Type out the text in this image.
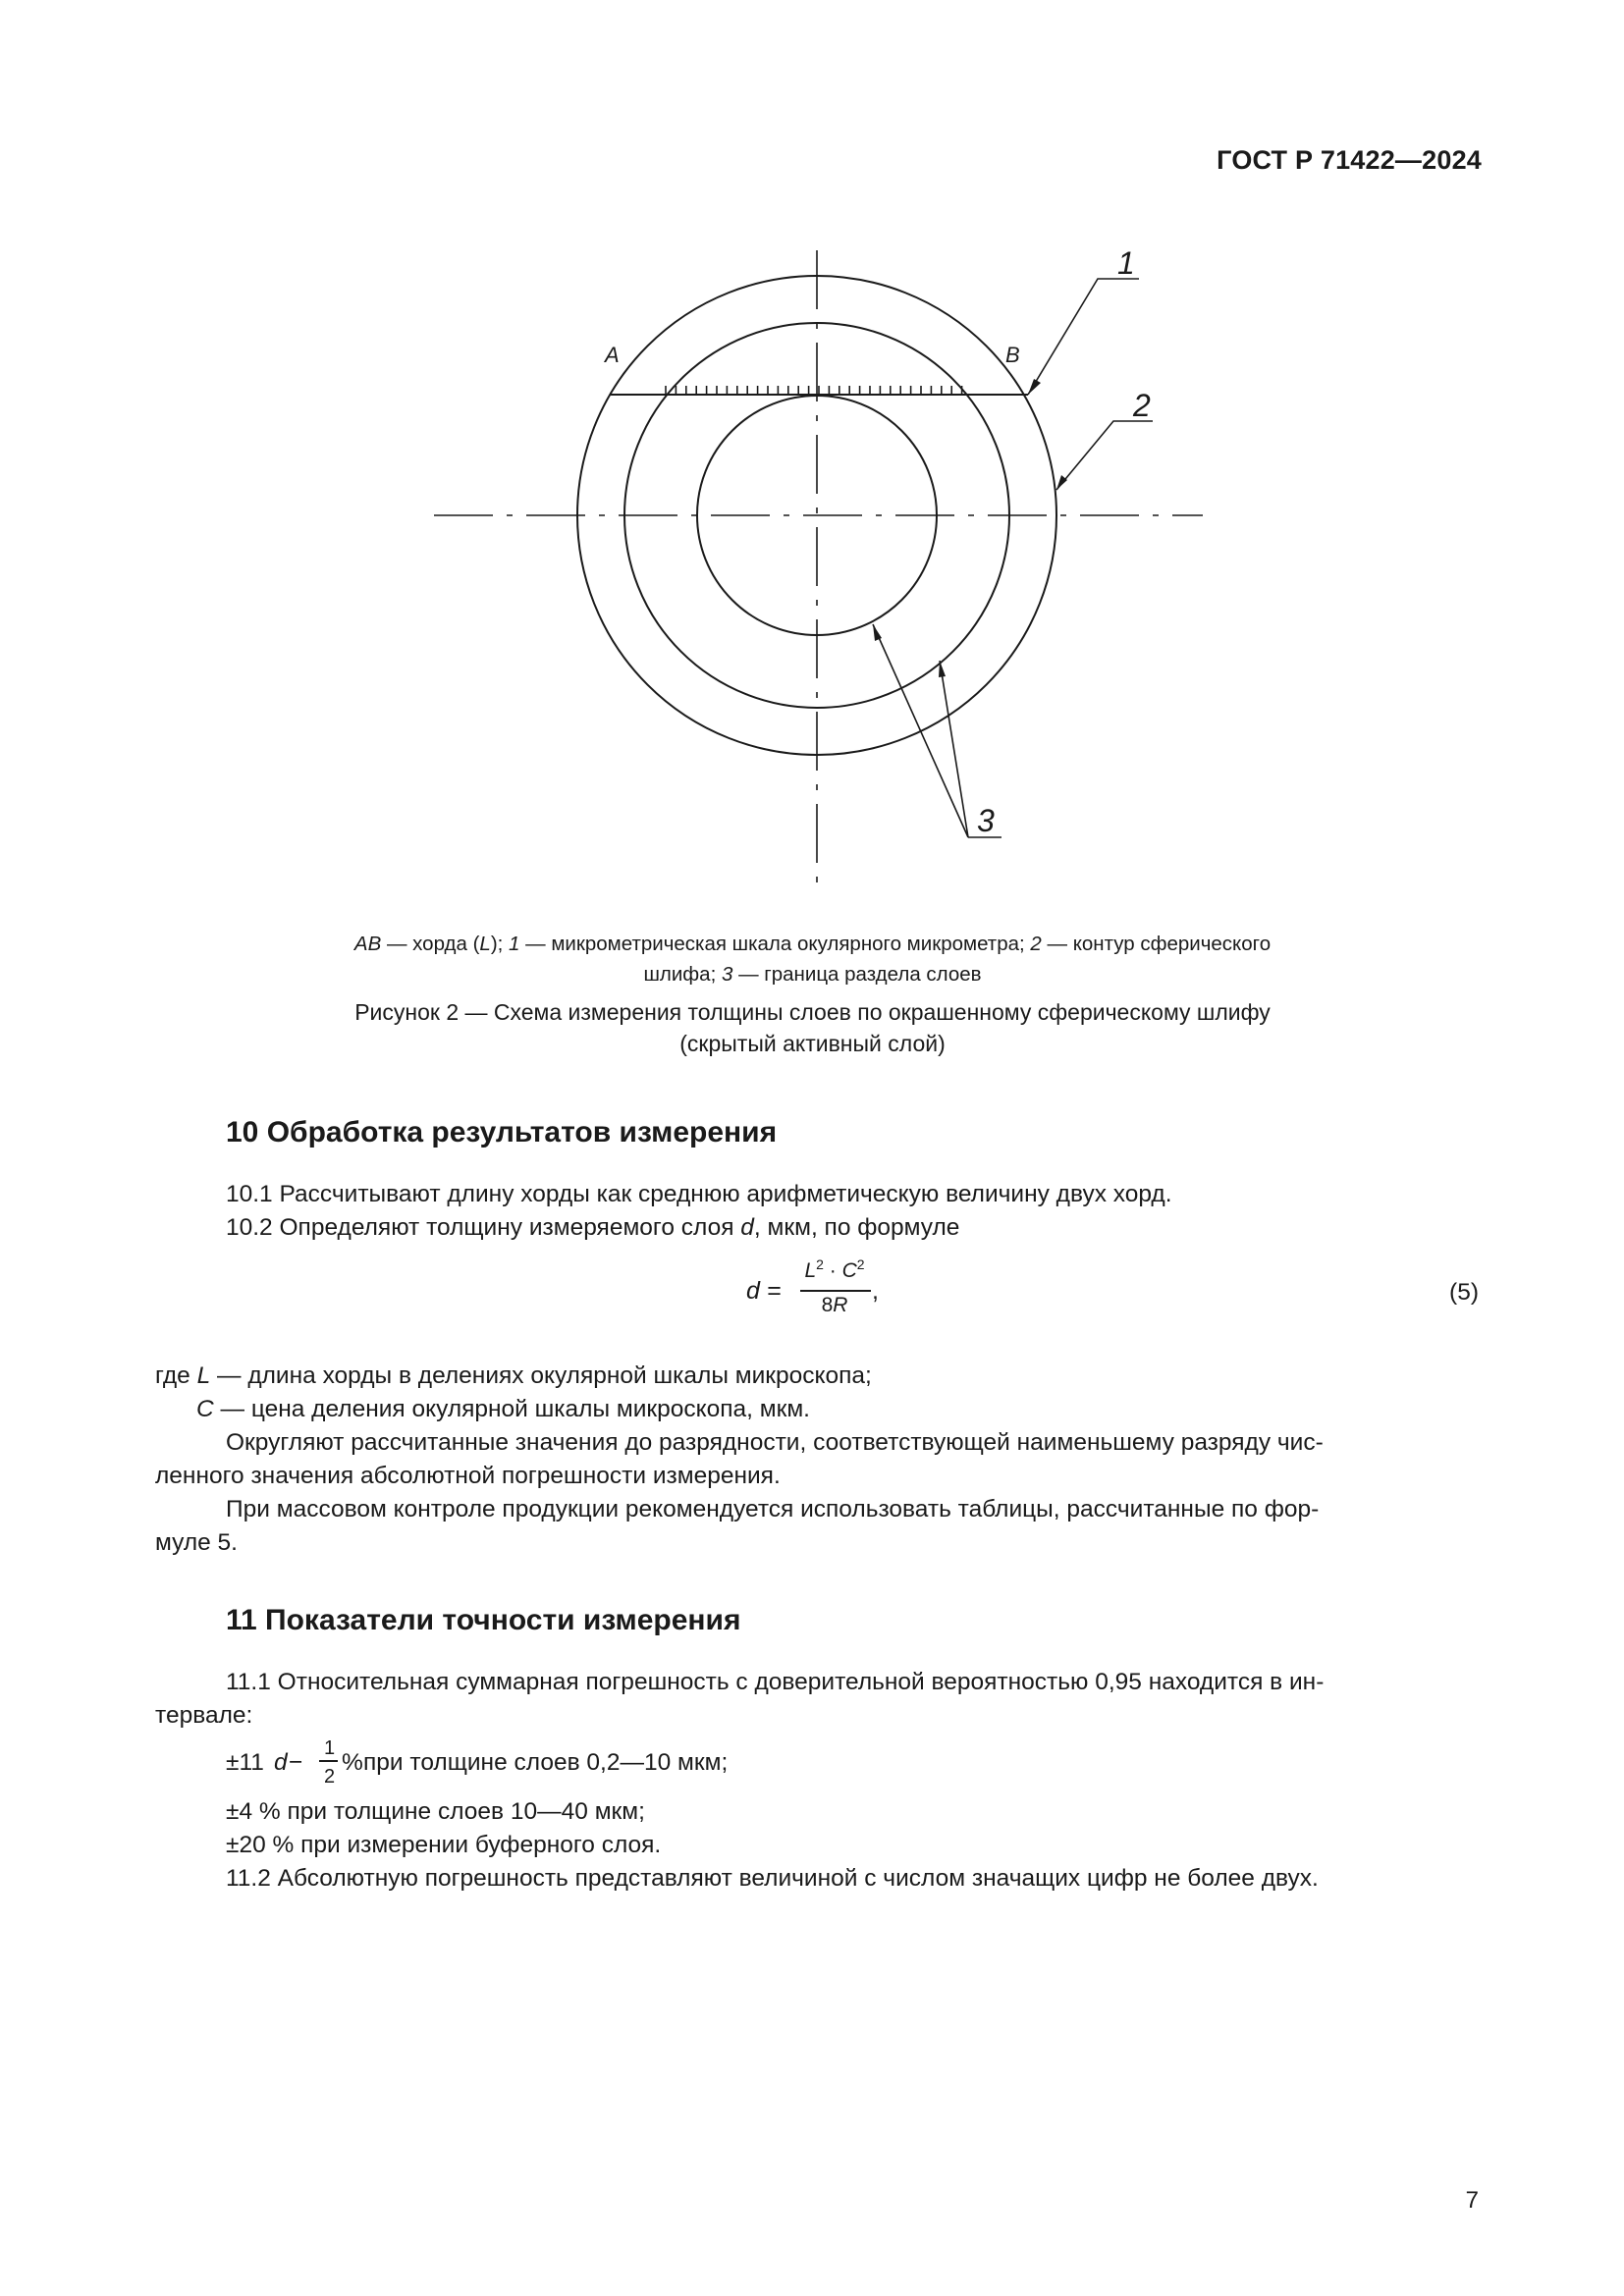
ГОСТ Р 71422—2024
А	В
1
2
3
АВ — хорда (L); 1 — микрометрическая шкала окулярного микрометра; 2 — контур сферического шлифа; 3 — граница раздела слоев
Рисунок 2 — Схема измерения толщины слоев по окрашенному сферическому шлифу (скрытый активный слой)
10 Обработка результатов измерения
10.1 Рассчитывают длину хорды как среднюю арифметическую величину двух хорд.
10.2 Определяют толщину измеряемого слоя d, мкм, по формуле
d =
$L^2 \cdot C^2$
8R
,	(5)
где L — длина хорды в делениях окулярной шкалы микроскопа;
C — цена деления окулярной шкалы микроскопа, мкм.
Округляют рассчитанные значения до разрядности, соответствующей наименьшему разряду чис-
ленного значения абсолютной погрешности измерения.
При массовом контроле продукции рекомендуется использовать таблицы, рассчитанные по фор-
муле 5.
11 Показатели точности измерения
11.1 Относительная суммарная погрешность с доверительной вероятностью 0,95 находится в ин-
тервале:
±11 d −
1
2
% при толщине слоев 0,2—10 мкм;
±4 % при толщине слоев 10—40 мкм;
±20 % при измерении буферного слоя.
11.2 Абсолютную погрешность представляют величиной с числом значащих цифр не более двух.
7
